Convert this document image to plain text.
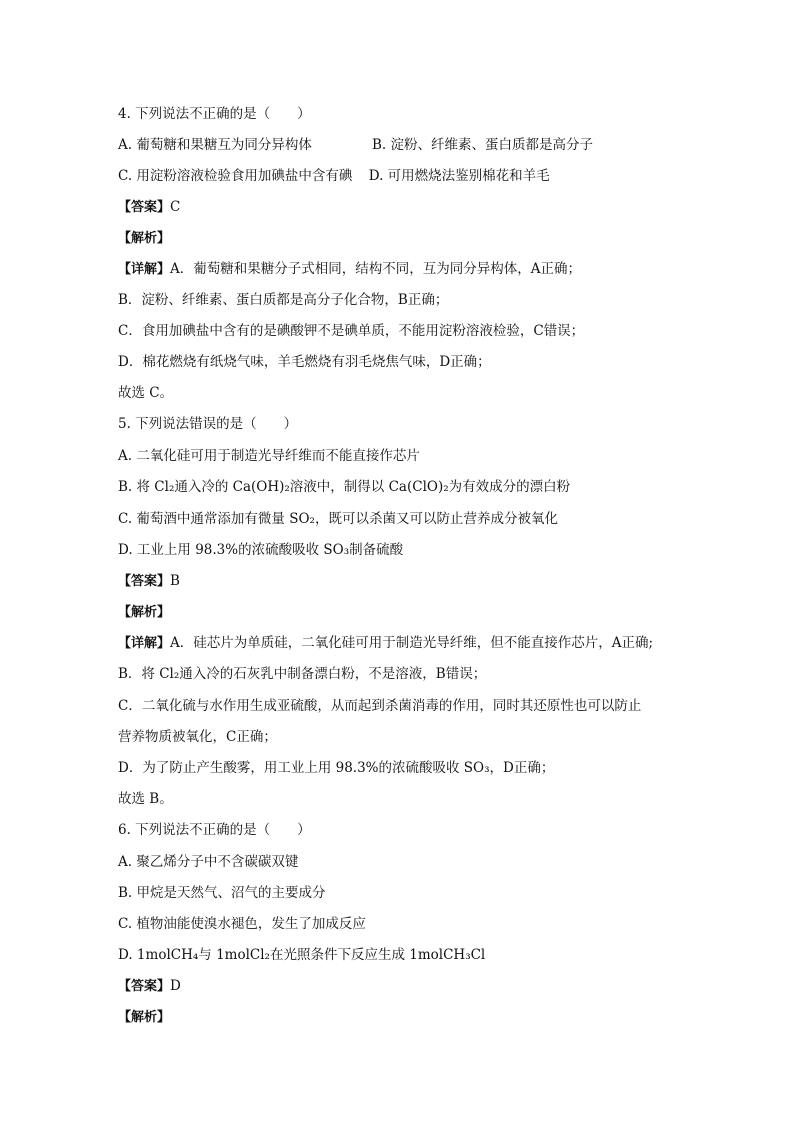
4. 下列说法不正确的是（　　）
A. 葡萄糖和果糖互为同分异构体	B. 淀粉、纤维素、蛋白质都是高分子
C. 用淀粉溶液检验食用加碘盐中含有碘 D. 可用燃烧法鉴别棉花和羊毛
【答案】C
【解析】
【详解】A．葡萄糖和果糖分子式相同，结构不同，互为同分异构体，A正确；
B．淀粉、纤维素、蛋白质都是高分子化合物，B正确；
C．食用加碘盐中含有的是碘酸钾不是碘单质，不能用淀粉溶液检验，C错误；
D．棉花燃烧有纸烧气味，羊毛燃烧有羽毛烧焦气味，D正确；
故选 C。
5. 下列说法错误的是（　　）
A. 二氧化硅可用于制造光导纤维而不能直接作芯片
B. 将 Cl₂通入冷的 Ca(OH)₂溶液中，制得以 Ca(ClO)₂为有效成分的漂白粉
C. 葡萄酒中通常添加有微量 SO₂，既可以杀菌又可以防止营养成分被氧化
D. 工业上用 98.3%的浓硫酸吸收 SO₃制备硫酸
【答案】B
【解析】
【详解】A．硅芯片为单质硅，二氧化硅可用于制造光导纤维，但不能直接作芯片，A正确;
B．将 Cl₂通入冷的石灰乳中制备漂白粉，不是溶液，B错误；
C．二氧化硫与水作用生成亚硫酸，从而起到杀菌消毒的作用，同时其还原性也可以防止
营养物质被氧化，C正确；
D．为了防止产生酸雾，用工业上用 98.3%的浓硫酸吸收 SO₃，D正确；
故选 B。
6. 下列说法不正确的是（　　）
A. 聚乙烯分子中不含碳碳双键
B. 甲烷是天然气、沼气的主要成分
C. 植物油能使溴水褪色，发生了加成反应
D. 1molCH₄与 1molCl₂在光照条件下反应生成 1molCH₃Cl
【答案】D
【解析】
